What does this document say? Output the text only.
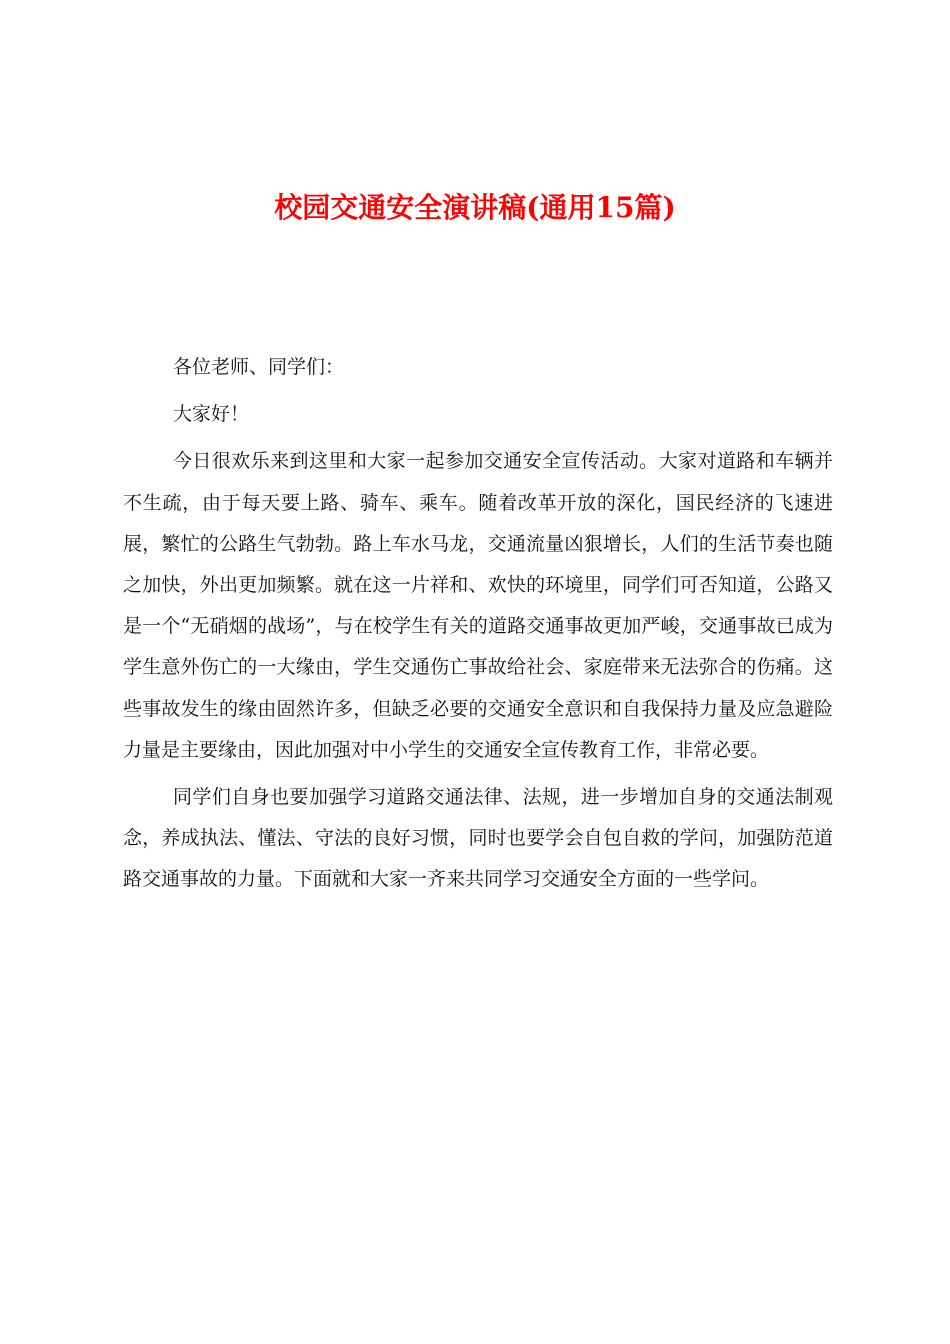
校园交通安全演讲稿(通用15篇)

各位老师、同学们：

大家好！

今日很欢乐来到这里和大家一起参加交通安全宣传活动。大家对道路和车辆并不生疏，由于每天要上路、骑车、乘车。随着改革开放的深化，国民经济的飞速进展，繁忙的公路生气勃勃。路上车水马龙，交通流量凶狠增长，人们的生活节奏也随之加快，外出更加频繁。就在这一片祥和、欢快的环境里，同学们可否知道，公路又是一个“无硝烟的战场”，与在校学生有关的道路交通事故更加严峻，交通事故已成为学生意外伤亡的一大缘由，学生交通伤亡事故给社会、家庭带来无法弥合的伤痛。这些事故发生的缘由固然许多，但缺乏必要的交通安全意识和自我保持力量及应急避险力量是主要缘由，因此加强对中小学生的交通安全宣传教育工作，非常必要。

同学们自身也要加强学习道路交通法律、法规，进一步增加自身的交通法制观念，养成执法、懂法、守法的良好习惯，同时也要学会自包自救的学问，加强防范道路交通事故的力量。下面就和大家一齐来共同学习交通安全方面的一些学问。
